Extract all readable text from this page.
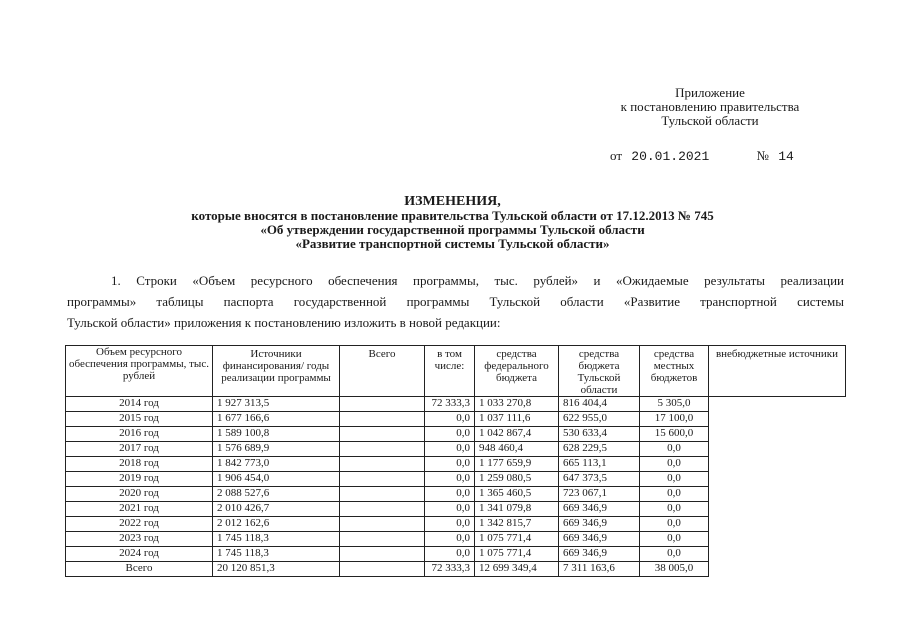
Приложение
к постановлению правительства
Тульской области
от 20.01.2021	№ 14
ИЗМЕНЕНИЯ,
которые вносятся в постановление правительства Тульской области от 17.12.2013 № 745
«Об утверждении государственной программы Тульской области
«Развитие транспортной системы Тульской области»
1. Строки «Объем ресурсного обеспечения программы, тыс. рублей» и «Ожидаемые результаты реализации
программы» таблицы паспорта государственной программы Тульской области «Развитие транспортной системы
Тульской области» приложения к постановлению изложить в новой редакции:
Объем ресурсного обеспечения программы, тыс. рублей	Источники финансирования/ годы реализации программы	Всего	в том числе:	средства федерального бюджета	средства бюджета Тульской области	средства местных бюджетов	внебюджетные источники
2014 год	1 927 313,5		72 333,3	1 033 270,8	816 404,4	5 305,0	
2015 год	1 677 166,6		0,0	1 037 111,6	622 955,0	17 100,0	
2016 год	1 589 100,8		0,0	1 042 867,4	530 633,4	15 600,0	
2017 год	1 576 689,9		0,0	948 460,4	628 229,5	0,0	
2018 год	1 842 773,0		0,0	1 177 659,9	665 113,1	0,0	
2019 год	1 906 454,0		0,0	1 259 080,5	647 373,5	0,0	
2020 год	2 088 527,6		0,0	1 365 460,5	723 067,1	0,0	
2021 год	2 010 426,7		0,0	1 341 079,8	669 346,9	0,0	
2022 год	2 012 162,6		0,0	1 342 815,7	669 346,9	0,0	
2023 год	1 745 118,3		0,0	1 075 771,4	669 346,9	0,0	
2024 год	1 745 118,3		0,0	1 075 771,4	669 346,9	0,0	
Всего	20 120 851,3		72 333,3	12 699 349,4	7 311 163,6	38 005,0	
